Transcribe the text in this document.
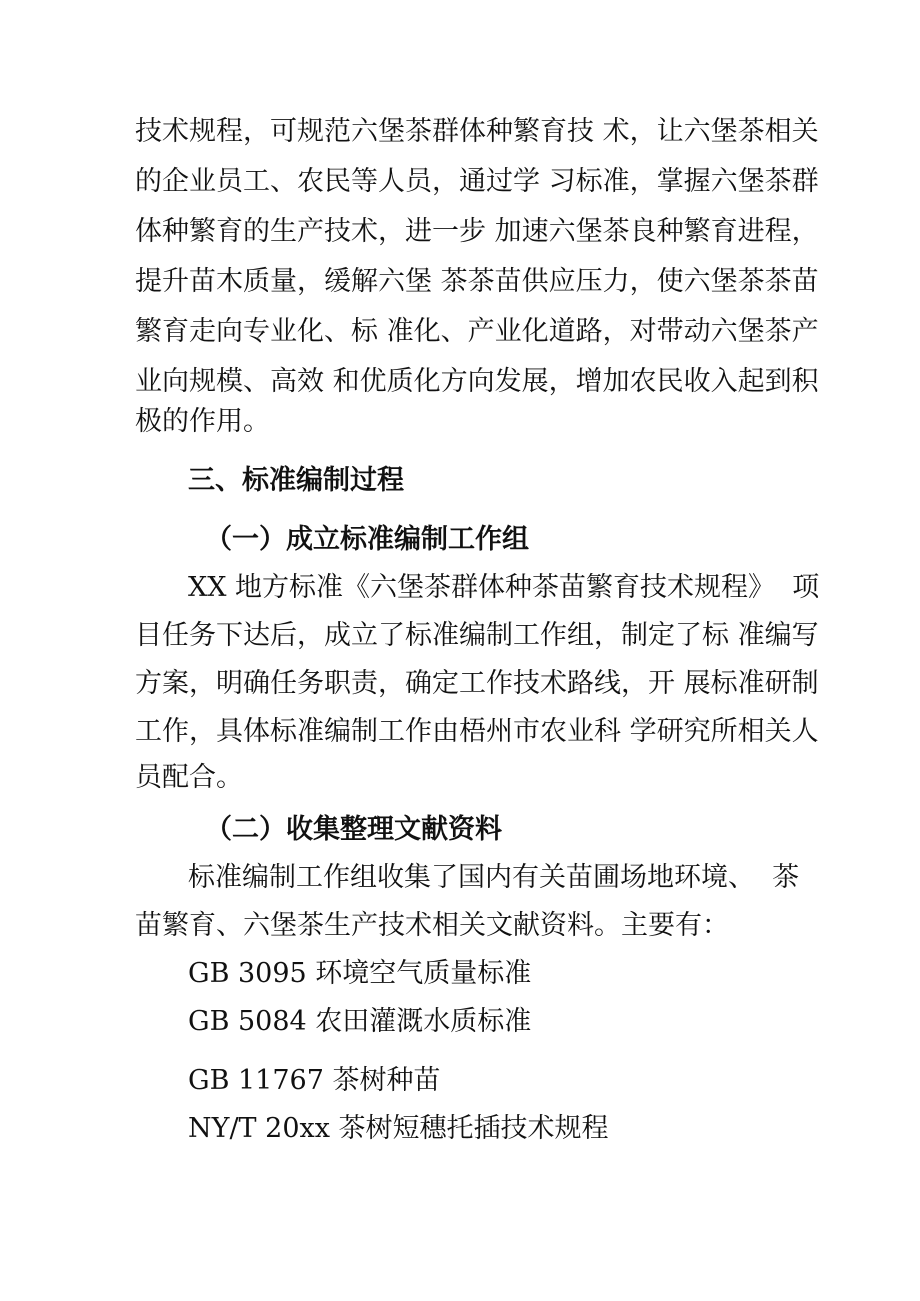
技术规程，可规范六堡茶群体种繁育技 术，让六堡茶相关
的企业员工、农民等人员，通过学 习标准，掌握六堡茶群
体种繁育的生产技术，进一步 加速六堡茶良种繁育进程，
提升苗木质量，缓解六堡 茶茶苗供应压力，使六堡茶茶苗
繁育走向专业化、标 准化、产业化道路，对带动六堡茶产
业向规模、高效 和优质化方向发展，增加农民收入起到积
极的作用。
三、标准编制过程
（一）成立标准编制工作组
XX 地方标准《六堡茶群体种茶苗繁育技术规程》  项
目任务下达后，成立了标准编制工作组，制定了标 准编写
方案，明确任务职责，确定工作技术路线，开 展标准研制
工作，具体标准编制工作由梧州市农业科 学研究所相关人
员配合。
（二）收集整理文献资料
标准编制工作组收集了国内有关苗圃场地环境、  茶
苗繁育、六堡茶生产技术相关文献资料。主要有：
GB 3095 环境空气质量标准
GB 5084 农田灌溉水质标准
GB 11767 茶树种苗
NY/T 20xx 茶树短穗托插技术规程
